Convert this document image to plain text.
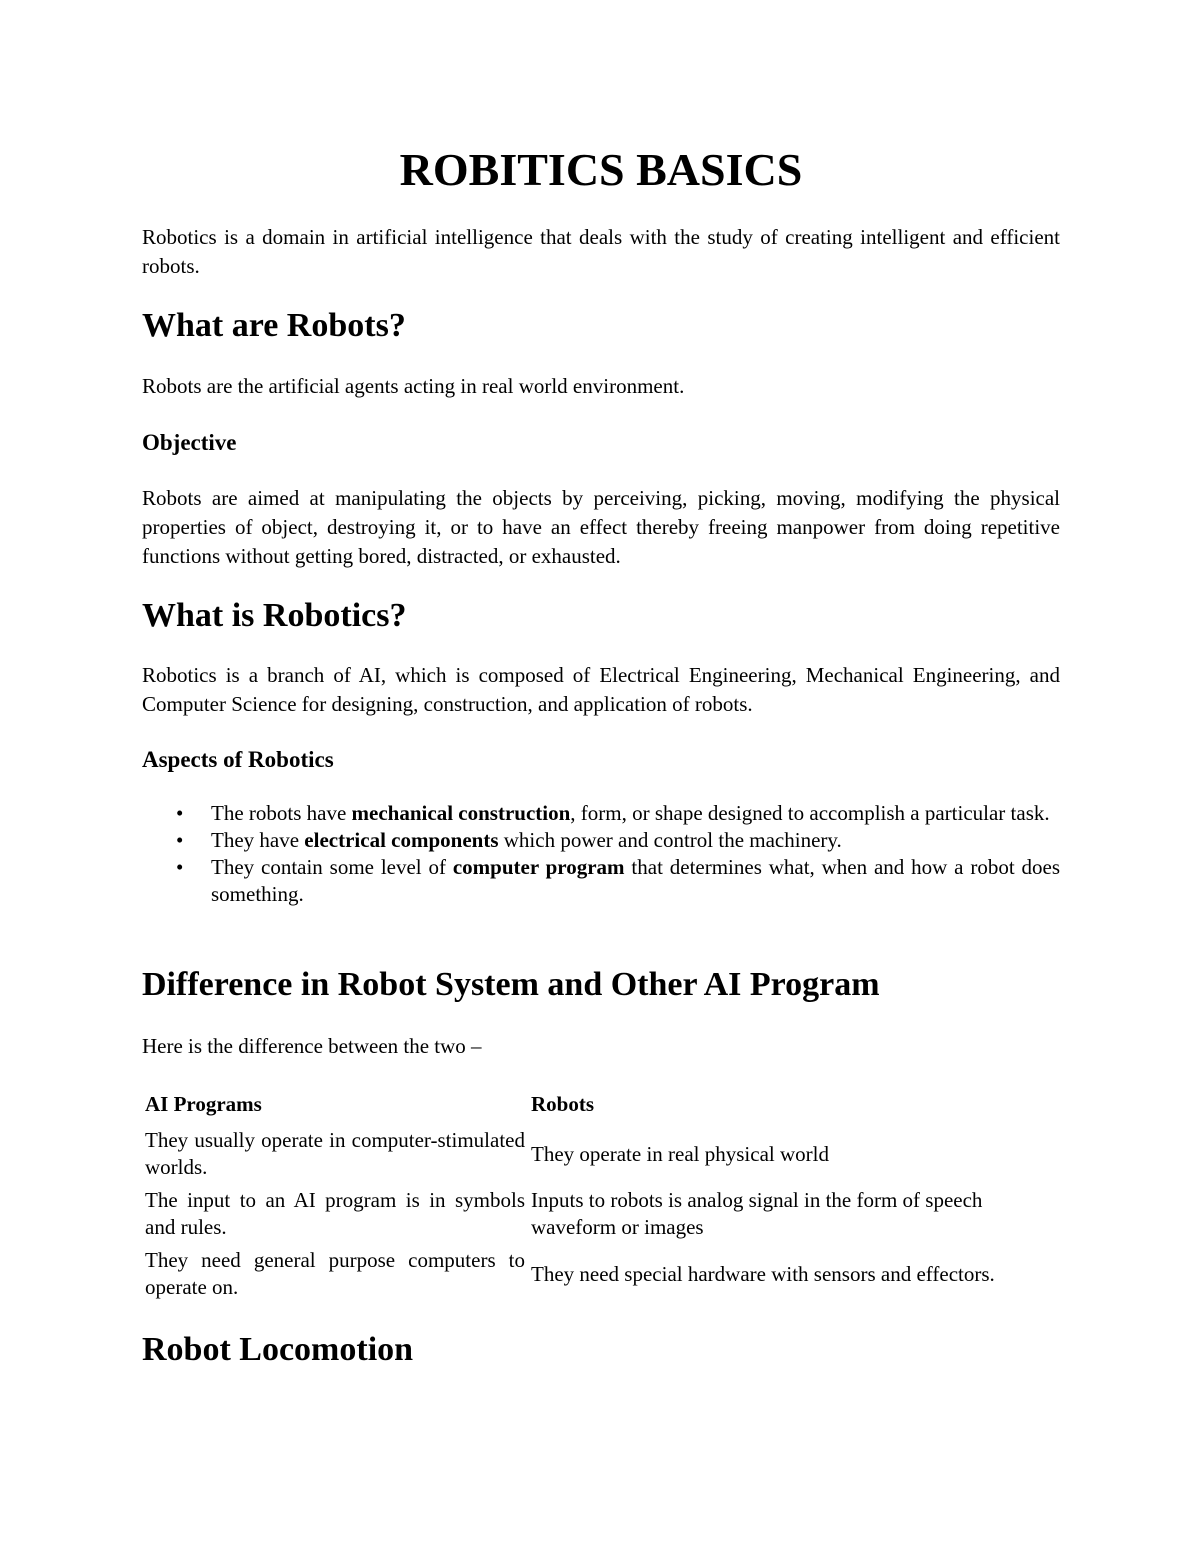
ROBITICS BASICS

Robotics is a domain in artificial intelligence that deals with the study of creating intelligent and efficient robots.

What are Robots?

Robots are the artificial agents acting in real world environment.

Objective

Robots are aimed at manipulating the objects by perceiving, picking, moving, modifying the physical properties of object, destroying it, or to have an effect thereby freeing manpower from doing repetitive functions without getting bored, distracted, or exhausted.

What is Robotics?

Robotics is a branch of AI, which is composed of Electrical Engineering, Mechanical Engineering, and Computer Science for designing, construction, and application of robots.

Aspects of Robotics
• The robots have mechanical construction, form, or shape designed to accomplish a particular task.
• They have electrical components which power and control the machinery.
• They contain some level of computer program that determines what, when and how a robot does something.
Difference in Robot System and Other AI Program

Here is the difference between the two –

AI Programs	Robots
They usually operate in computer-stimulated worlds.	They operate in real physical world
The input to an AI program is in symbols and rules.	Inputs to robots is analog signal in the form of speech waveform or images
They need general purpose computers to operate on.	They need special hardware with sensors and effectors.
Robot Locomotion
